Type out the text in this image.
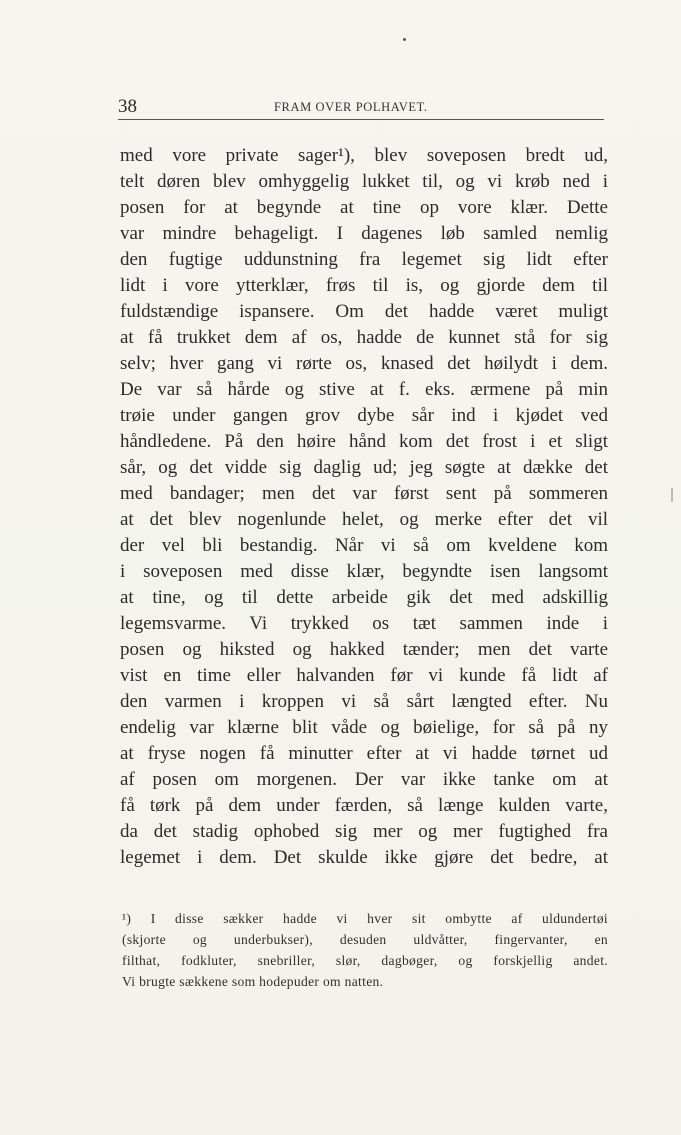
38	FRAM OVER POLHAVET.
med vore private sager¹), blev soveposen bredt ud,
telt døren blev omhyggelig lukket til, og vi krøb ned i
posen for at begynde at tine op vore klær. Dette
var mindre behageligt. I dagenes løb samled nemlig
den fugtige uddunstning fra legemet sig lidt efter
lidt i vore ytterklær, frøs til is, og gjorde dem til
fuldstændige ispansere. Om det hadde været muligt
at få trukket dem af os, hadde de kunnet stå for sig
selv; hver gang vi rørte os, knased det høilydt i dem.
De var så hårde og stive at f. eks. ærmene på min
trøie under gangen grov dybe sår ind i kjødet ved
håndledene. På den høire hånd kom det frost i et sligt
sår, og det vidde sig daglig ud; jeg søgte at dække det
med bandager; men det var først sent på sommeren
at det blev nogenlunde helet, og merke efter det vil
der vel bli bestandig. Når vi så om kveldene kom
i soveposen med disse klær, begyndte isen langsomt
at tine, og til dette arbeide gik det med adskillig
legemsvarme. Vi trykked os tæt sammen inde i
posen og hiksted og hakked tænder; men det varte
vist en time eller halvanden før vi kunde få lidt af
den varmen i kroppen vi så sårt længted efter. Nu
endelig var klærne blit våde og bøielige, for så på ny
at fryse nogen få minutter efter at vi hadde tørnet ud
af posen om morgenen. Der var ikke tanke om at
få tørk på dem under færden, så længe kulden varte,
da det stadig ophobed sig mer og mer fugtighed fra
legemet i dem. Det skulde ikke gjøre det bedre, at
¹) I disse sækker hadde vi hver sit ombytte af uldundertøi
(skjorte og underbukser), desuden uldvåtter, fingervanter, en
filthat, fodkluter, snebriller, slør, dagbøger, og forskjellig andet.
Vi brugte sækkene som hodepuder om natten.
